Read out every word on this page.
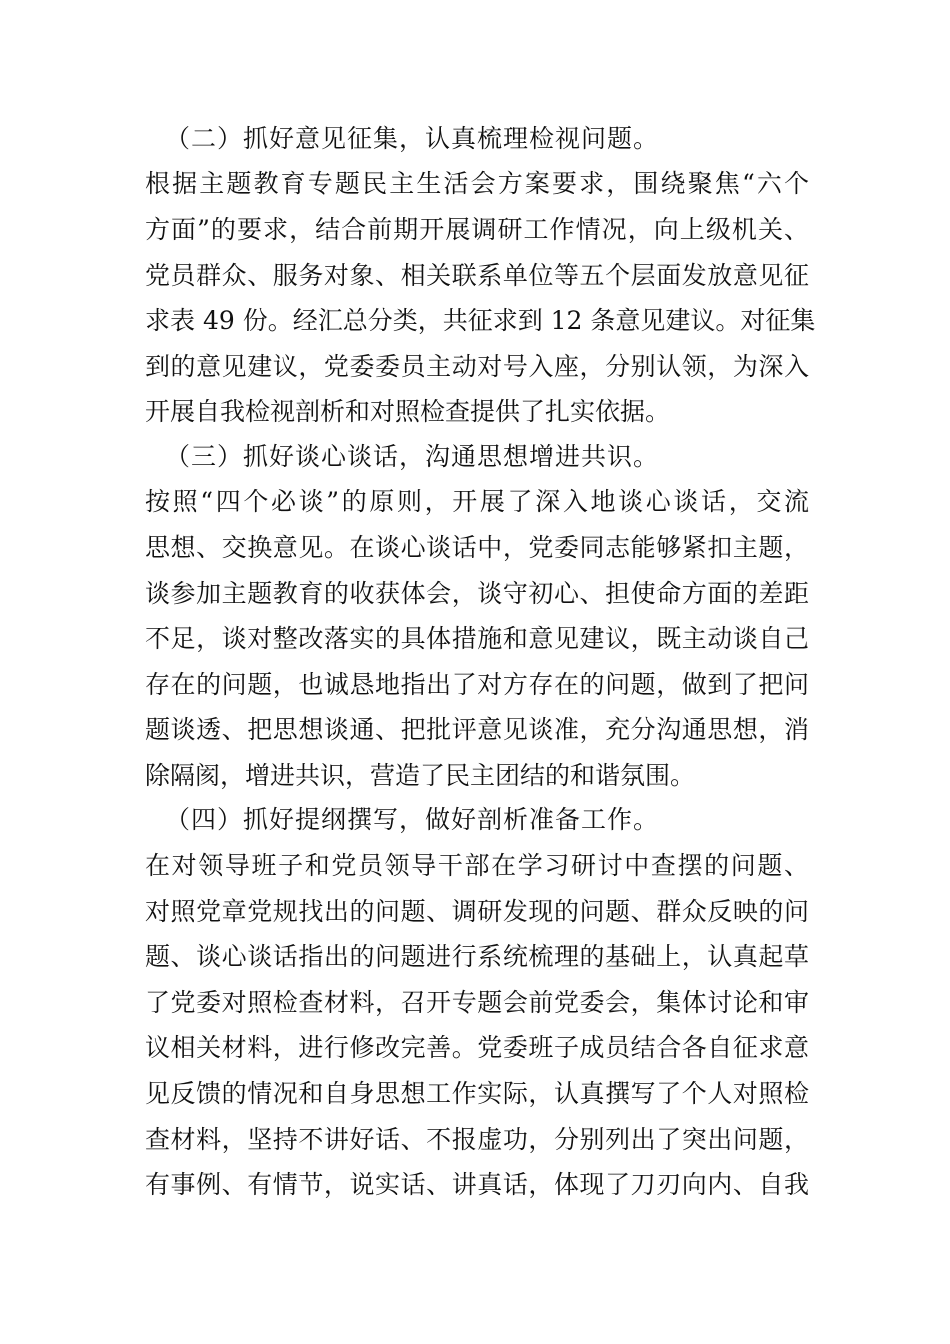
（二）抓好意见征集，认真梳理检视问题。
根据主题教育专题民主生活会方案要求，围绕聚焦“六个
方面”的要求，结合前期开展调研工作情况，向上级机关、
党员群众、服务对象、相关联系单位等五个层面发放意见征
求表 49 份。经汇总分类，共征求到 12 条意见建议。对征集
到的意见建议，党委委员主动对号入座，分别认领，为深入
开展自我检视剖析和对照检查提供了扎实依据。
（三）抓好谈心谈话，沟通思想增进共识。
按照“四个必谈”的原则，开展了深入地谈心谈话，交流
思想、交换意见。在谈心谈话中，党委同志能够紧扣主题，
谈参加主题教育的收获体会，谈守初心、担使命方面的差距
不足，谈对整改落实的具体措施和意见建议，既主动谈自己
存在的问题，也诚恳地指出了对方存在的问题，做到了把问
题谈透、把思想谈通、把批评意见谈准，充分沟通思想，消
除隔阂，增进共识，营造了民主团结的和谐氛围。
（四）抓好提纲撰写，做好剖析准备工作。
在对领导班子和党员领导干部在学习研讨中查摆的问题、
对照党章党规找出的问题、调研发现的问题、群众反映的问
题、谈心谈话指出的问题进行系统梳理的基础上，认真起草
了党委对照检查材料，召开专题会前党委会，集体讨论和审
议相关材料，进行修改完善。党委班子成员结合各自征求意
见反馈的情况和自身思想工作实际，认真撰写了个人对照检
查材料，坚持不讲好话、不报虚功，分别列出了突出问题，
有事例、有情节，说实话、讲真话，体现了刀刃向内、自我
